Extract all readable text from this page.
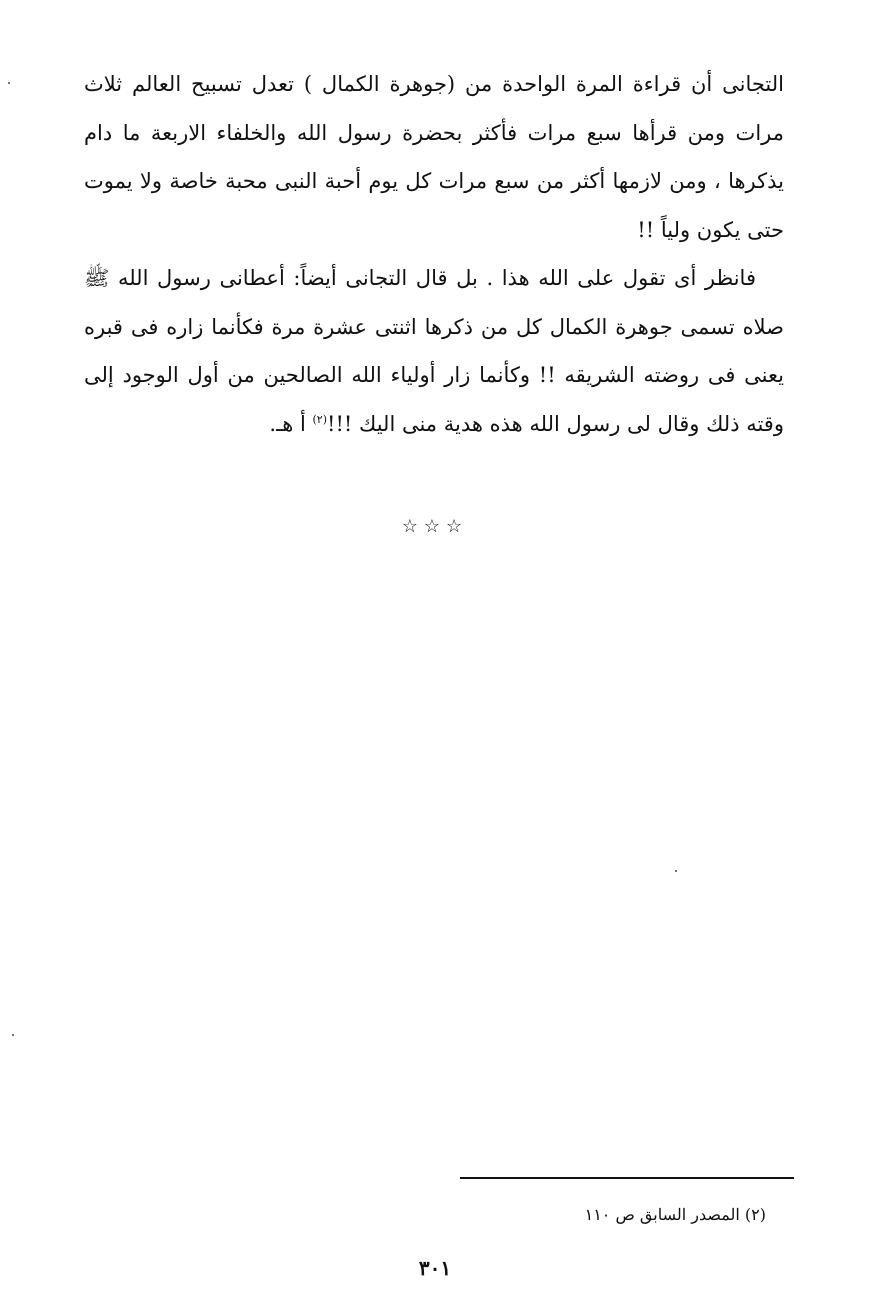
التجانى أن قراءة المرة الواحدة من (جوهرة الكمال ) تعدل تسبيح العالم ثلاث مرات ومن قرأها سبع مرات فأكثر بحضرة رسول الله والخلفاء الاربعة ما دام يذكرها ، ومن لازمها أكثر من سبع مرات كل يوم أحبة النبى محبة خاصة ولا يموت حتى يكون ولياً !!

فانظر أى تقول على الله هذا . بل قال التجانى أيضاً: أعطانى رسول الله ﷺ صلاه تسمى جوهرة الكمال كل من ذكرها اثنتى عشرة مرة فكأنما زاره فى قبره يعنى فى روضته الشريقه !! وكأنما زار أولياء الله الصالحين من أول الوجود إلى وقته ذلك وقال لى رسول الله هذه هدية منى اليك !!!$^{(٢)}$ أ هـ.

☆☆☆

(٢) المصدر السابق ص ١١٠

٣٠١
